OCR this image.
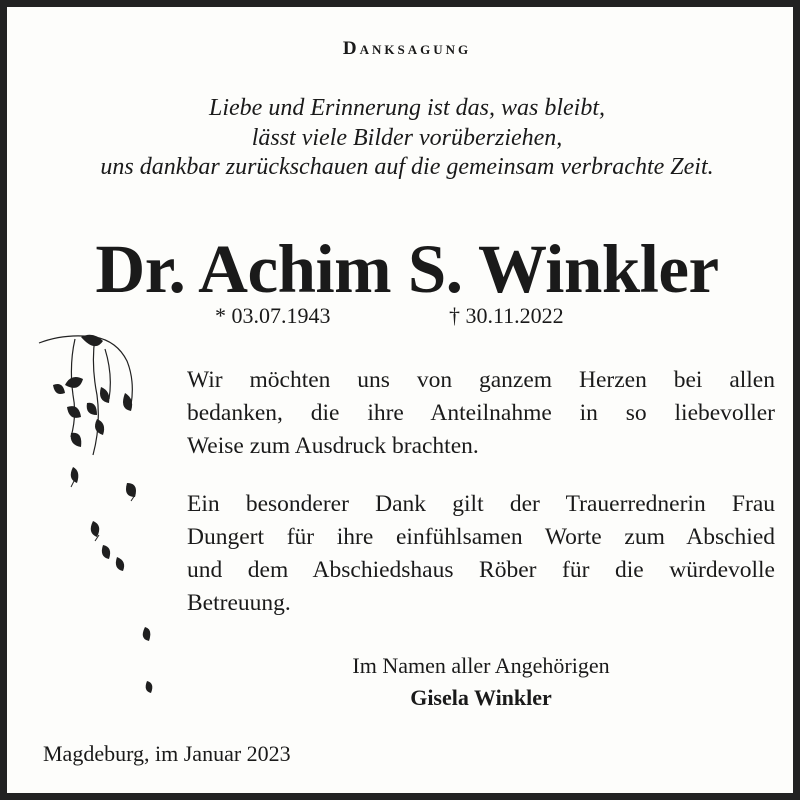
Danksagung
Liebe und Erinnerung ist das, was bleibt,
lässt viele Bilder vorüberziehen,
uns dankbar zurückschauen auf die gemeinsam verbrachte Zeit.
Dr. Achim S. Winkler
* 03.07.1943	† 30.11.2022
Wir möchten uns von ganzem Herzen bei allen
bedanken, die ihre Anteilnahme in so liebevoller
Weise zum Ausdruck brachten.
Ein besonderer Dank gilt der Trauerrednerin Frau
Dungert für ihre einfühlsamen Worte zum Abschied
und dem Abschiedshaus Röber für die würdevolle
Betreuung.
Im Namen aller Angehörigen
Gisela Winkler
Magdeburg, im Januar 2023
